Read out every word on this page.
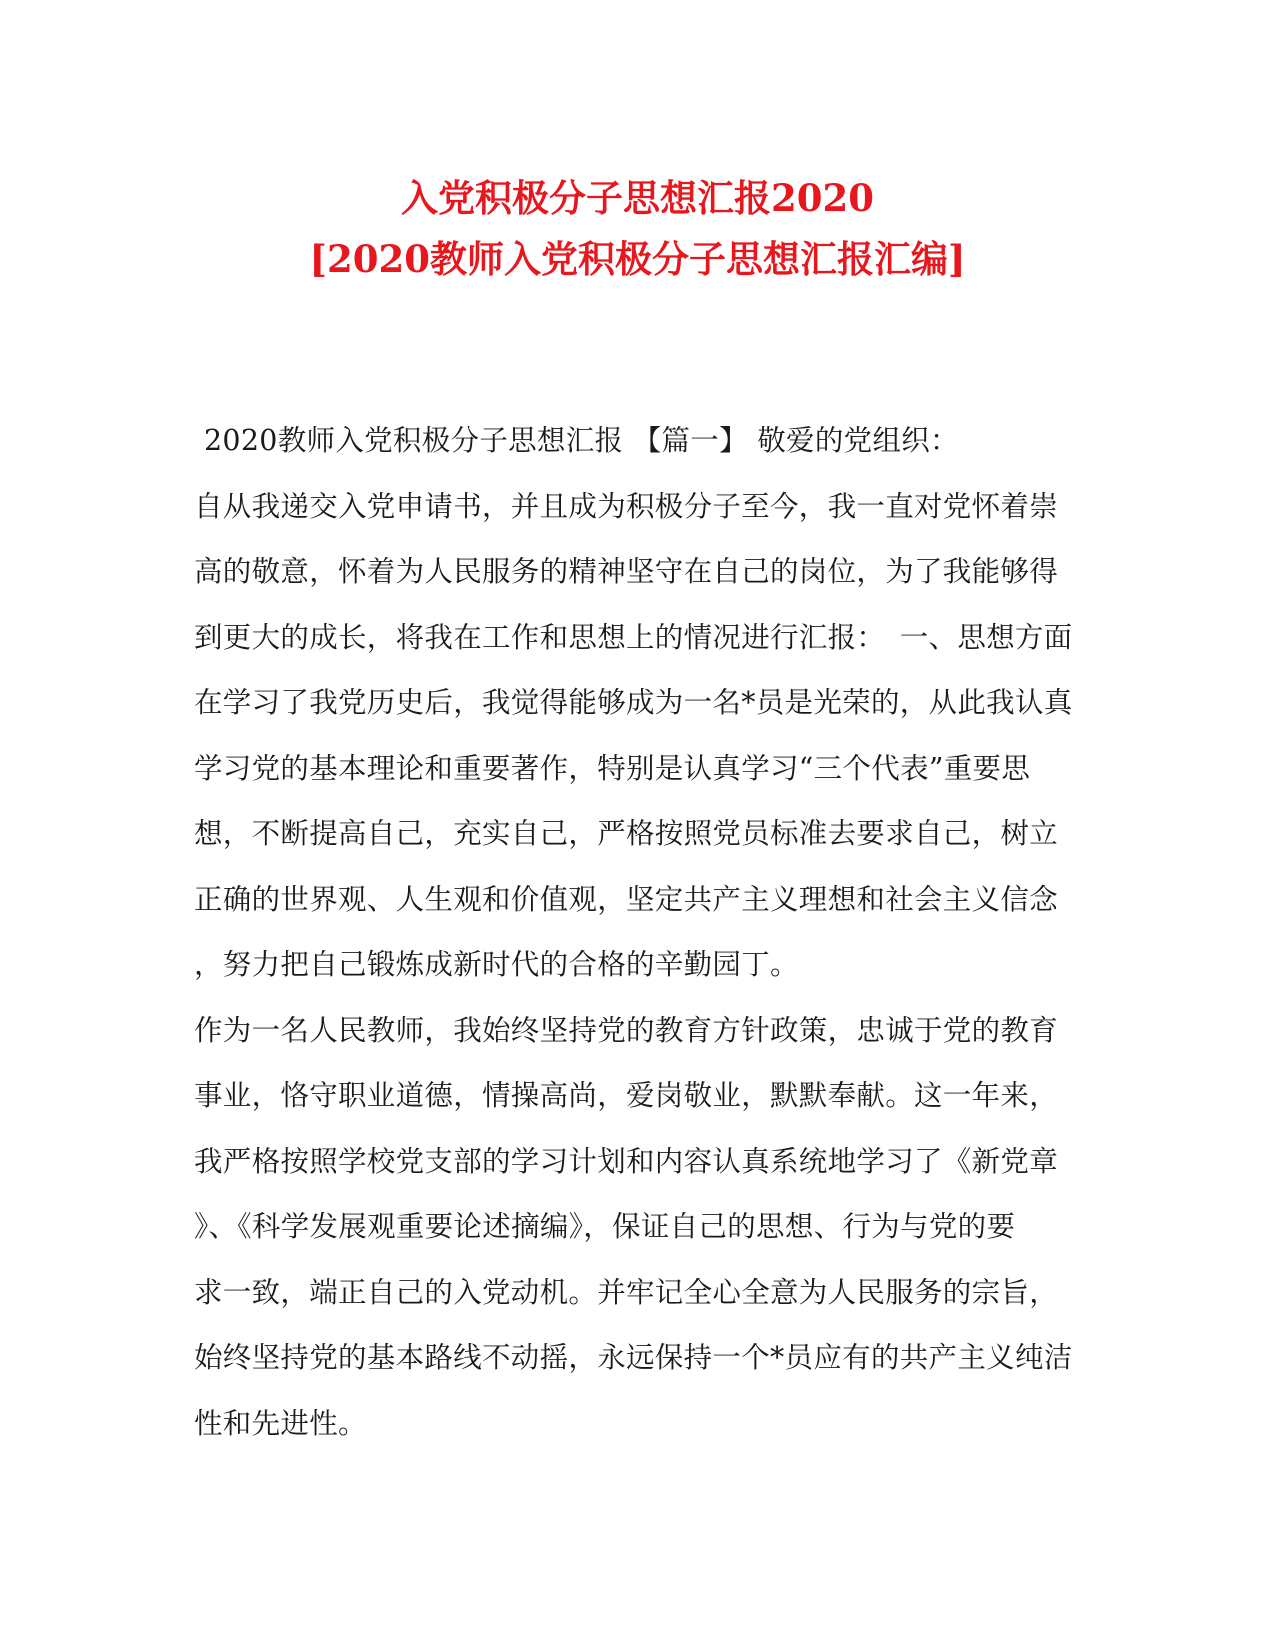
入党积极分子思想汇报2020
[2020教师入党积极分子思想汇报汇编]
2020教师入党积极分子思想汇报 【篇一】 敬爱的党组织：
自从我递交入党申请书，并且成为积极分子至今，我一直对党怀着崇
高的敬意，怀着为人民服务的精神坚守在自己的岗位，为了我能够得
到更大的成长，将我在工作和思想上的情况进行汇报：　一、思想方面
在学习了我党历史后，我觉得能够成为一名*员是光荣的，从此我认真
学习党的基本理论和重要著作，特别是认真学习“三个代表”重要思
想，不断提高自己，充实自己，严格按照党员标准去要求自己，树立
正确的世界观、人生观和价值观，坚定共产主义理想和社会主义信念
，努力把自己锻炼成新时代的合格的辛勤园丁。
作为一名人民教师，我始终坚持党的教育方针政策，忠诚于党的教育
事业，恪守职业道德，情操高尚，爱岗敬业，默默奉献。这一年来，
我严格按照学校党支部的学习计划和内容认真系统地学习了《新党章
》、《科学发展观重要论述摘编》，保证自己的思想、行为与党的要
求一致，端正自己的入党动机。并牢记全心全意为人民服务的宗旨，
始终坚持党的基本路线不动摇，永远保持一个*员应有的共产主义纯洁
性和先进性。
